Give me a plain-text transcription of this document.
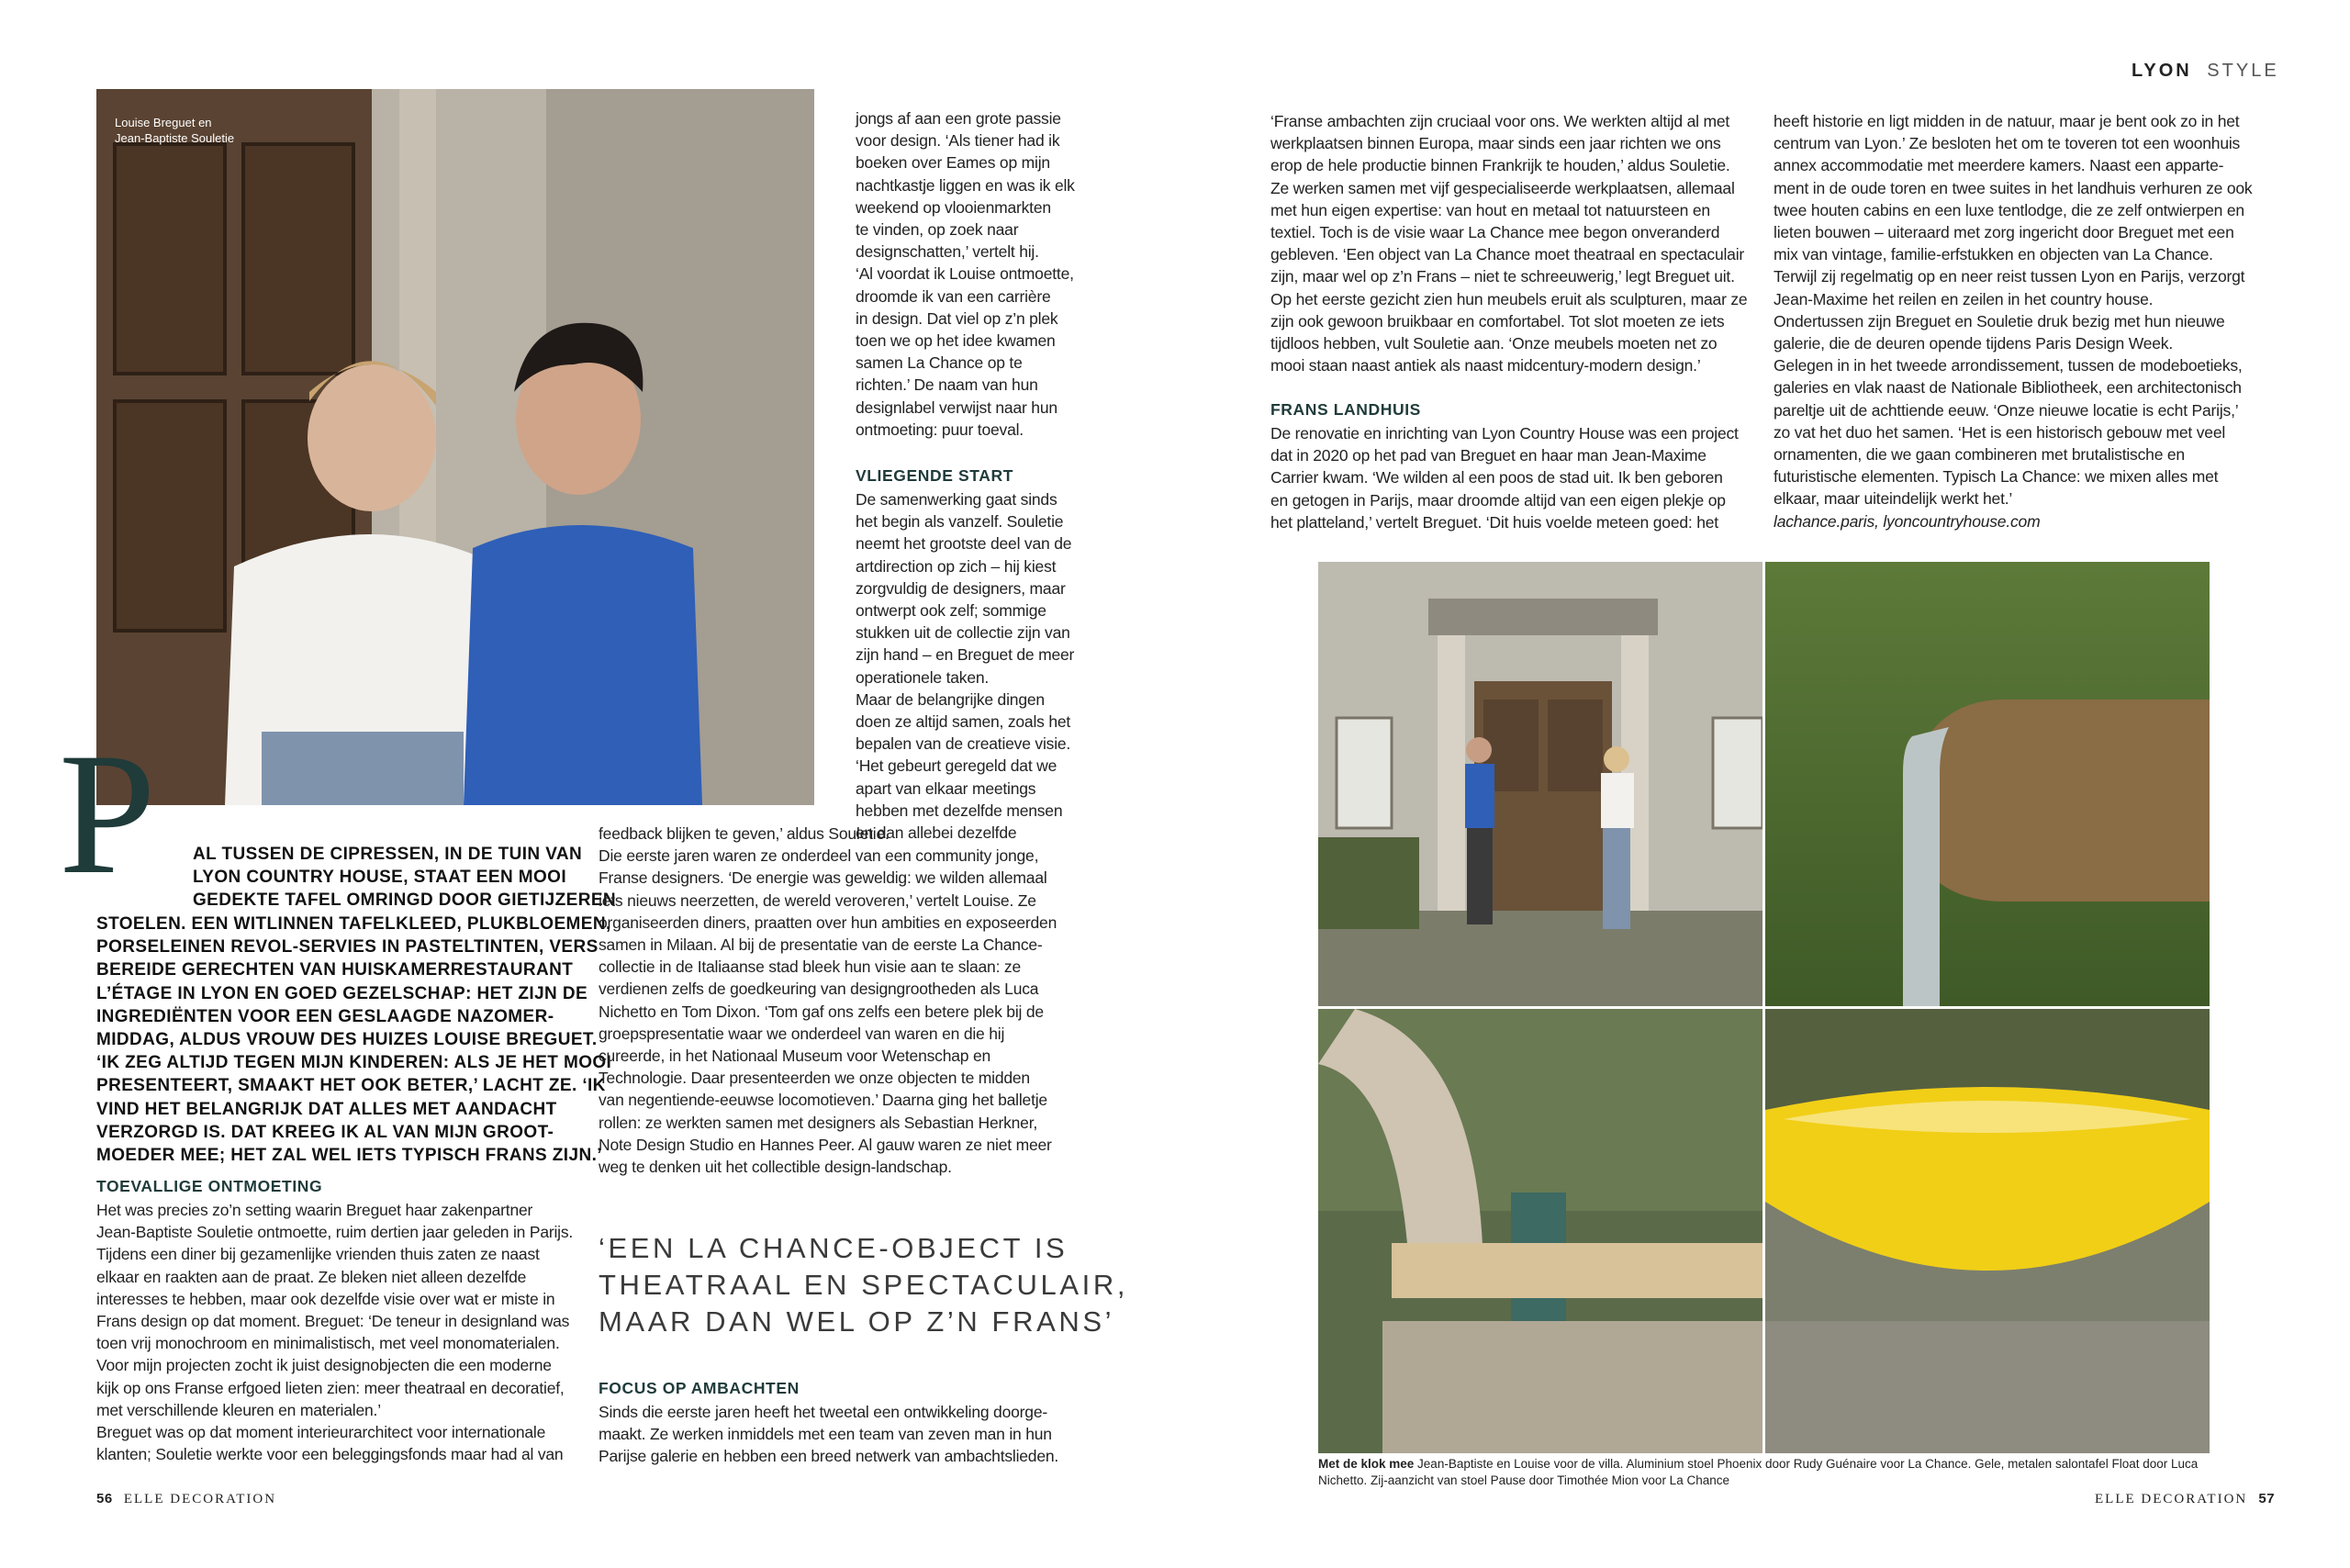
LYON STYLE
Louise Breguet en
Jean-Baptiste Souletie
P AL TUSSEN DE CIPRESSEN, IN DE TUIN VAN
LYON COUNTRY HOUSE, STAAT EEN MOOI
GEDEKTE TAFEL OMRINGD DOOR GIETIJZEREN
STOELEN. EEN WITLINNEN TAFELKLEED, PLUKBLOEMEN,
PORSELEINEN REVOL-SERVIES IN PASTELTINTEN, VERS
BEREIDE GERECHTEN VAN HUISKAMERRESTAURANT
L’ÉTAGE IN LYON EN GOED GEZELSCHAP: HET ZIJN DE
INGREDIËNTEN VOOR EEN GESLAAGDE NAZOMER-
MIDDAG, ALDUS VROUW DES HUIZES LOUISE BREGUET.
‘IK ZEG ALTIJD TEGEN MIJN KINDEREN: ALS JE HET MOOI
PRESENTEERT, SMAAKT HET OOK BETER,’ LACHT ZE. ‘IK
VIND HET BELANGRIJK DAT ALLES MET AANDACHT
VERZORGD IS. DAT KREEG IK AL VAN MIJN GROOT-
MOEDER MEE; HET ZAL WEL IETS TYPISCH FRANS ZIJN.’
TOEVALLIGE ONTMOETING
Het was precies zo’n setting waarin Breguet haar zakenpartner
Jean-Baptiste Souletie ontmoette, ruim dertien jaar geleden in Parijs.
Tijdens een diner bij gezamenlijke vrienden thuis zaten ze naast
elkaar en raakten aan de praat. Ze bleken niet alleen dezelfde
interesses te hebben, maar ook dezelfde visie over wat er miste in
Frans design op dat moment. Breguet: ‘De teneur in designland was
toen vrij monochroom en minimalistisch, met veel monomaterialen.
Voor mijn projecten zocht ik juist designobjecten die een moderne
kijk op ons Franse erfgoed lieten zien: meer theatraal en decoratief,
met verschillende kleuren en materialen.’
Breguet was op dat moment interieurarchitect voor internationale
klanten; Souletie werkte voor een beleggingsfonds maar had al van
jongs af aan een grote passie
voor design. ‘Als tiener had ik
boeken over Eames op mijn
nachtkastje liggen en was ik elk
weekend op vlooienmarkten
te vinden, op zoek naar
designschatten,’ vertelt hij.
‘Al voordat ik Louise ontmoette,
droomde ik van een carrière
in design. Dat viel op z’n plek
toen we op het idee kwamen
samen La Chance op te
richten.’ De naam van hun
designlabel verwijst naar hun
ontmoeting: puur toeval.
VLIEGENDE START
De samenwerking gaat sinds
het begin als vanzelf. Souletie
neemt het grootste deel van de
artdirection op zich – hij kiest
zorgvuldig de designers, maar
ontwerpt ook zelf; sommige
stukken uit de collectie zijn van
zijn hand – en Breguet de meer
operationele taken.
Maar de belangrijke dingen
doen ze altijd samen, zoals het
bepalen van de creatieve visie.
‘Het gebeurt geregeld dat we
apart van elkaar meetings
hebben met dezelfde mensen
en dan allebei dezelfde
feedback blijken te geven,’ aldus Souletie.
Die eerste jaren waren ze onderdeel van een community jonge,
Franse designers. ‘De energie was geweldig: we wilden allemaal
iets nieuws neerzetten, de wereld veroveren,’ vertelt Louise. Ze
organiseerden diners, praatten over hun ambities en exposeerden
samen in Milaan. Al bij de presentatie van de eerste La Chance-
collectie in de Italiaanse stad bleek hun visie aan te slaan: ze
verdienen zelfs de goedkeuring van designgrootheden als Luca
Nichetto en Tom Dixon. ‘Tom gaf ons zelfs een betere plek bij de
groepspresentatie waar we onderdeel van waren en die hij
cureerde, in het Nationaal Museum voor Wetenschap en
Technologie. Daar presenteerden we onze objecten te midden
van negentiende-eeuwse locomotieven.’ Daarna ging het balletje
rollen: ze werkten samen met designers als Sebastian Herkner,
Note Design Studio en Hannes Peer. Al gauw waren ze niet meer
weg te denken uit het collectible design-landschap.
‘EEN LA CHANCE-OBJECT IS
THEATRAAL EN SPECTACULAIR,
MAAR DAN WEL OP Z’N FRANS’
FOCUS OP AMBACHTEN
Sinds die eerste jaren heeft het tweetal een ontwikkeling doorge-
maakt. Ze werken inmiddels met een team van zeven man in hun
Parijse galerie en hebben een breed netwerk van ambachtslieden.
56 ELLE DECORATION
‘Franse ambachten zijn cruciaal voor ons. We werkten altijd al met
werkplaatsen binnen Europa, maar sinds een jaar richten we ons
erop de hele productie binnen Frankrijk te houden,’ aldus Souletie.
Ze werken samen met vijf gespecialiseerde werkplaatsen, allemaal
met hun eigen expertise: van hout en metaal tot natuursteen en
textiel. Toch is de visie waar La Chance mee begon onveranderd
gebleven. ‘Een object van La Chance moet theatraal en spectaculair
zijn, maar wel op z’n Frans – niet te schreeuwerig,’ legt Breguet uit.
Op het eerste gezicht zien hun meubels eruit als sculpturen, maar ze
zijn ook gewoon bruikbaar en comfortabel. Tot slot moeten ze iets
tijdloos hebben, vult Souletie aan. ‘Onze meubels moeten net zo
mooi staan naast antiek als naast midcentury-modern design.’
FRANS LANDHUIS
De renovatie en inrichting van Lyon Country House was een project
dat in 2020 op het pad van Breguet en haar man Jean-Maxime
Carrier kwam. ‘We wilden al een poos de stad uit. Ik ben geboren
en getogen in Parijs, maar droomde altijd van een eigen plekje op
het platteland,’ vertelt Breguet. ‘Dit huis voelde meteen goed: het
heeft historie en ligt midden in de natuur, maar je bent ook zo in het
centrum van Lyon.’ Ze besloten het om te toveren tot een woonhuis
annex accommodatie met meerdere kamers. Naast een apparte-
ment in de oude toren en twee suites in het landhuis verhuren ze ook
twee houten cabins en een luxe tentlodge, die ze zelf ontwierpen en
lieten bouwen – uiteraard met zorg ingericht door Breguet met een
mix van vintage, familie-erfstukken en objecten van La Chance.
Terwijl zij regelmatig op en neer reist tussen Lyon en Parijs, verzorgt
Jean-Maxime het reilen en zeilen in het country house.
Ondertussen zijn Breguet en Souletie druk bezig met hun nieuwe
galerie, die de deuren opende tijdens Paris Design Week.
Gelegen in in het tweede arrondissement, tussen de modeboetieks,
galeries en vlak naast de Nationale Bibliotheek, een architectonisch
pareltje uit de achttiende eeuw. ‘Onze nieuwe locatie is echt Parijs,’
zo vat het duo het samen. ‘Het is een historisch gebouw met veel
ornamenten, die we gaan combineren met brutalistische en
futuristische elementen. Typisch La Chance: we mixen alles met
elkaar, maar uiteindelijk werkt het.’
lachance.paris, lyoncountryhouse.com
Met de klok mee Jean-Baptiste en Louise voor de villa. Aluminium stoel Phoenix door Rudy Guénaire voor La Chance. Gele, metalen salontafel Float door Luca
Nichetto. Zij-aanzicht van stoel Pause door Timothée Mion voor La Chance
ELLE DECORATION 57
